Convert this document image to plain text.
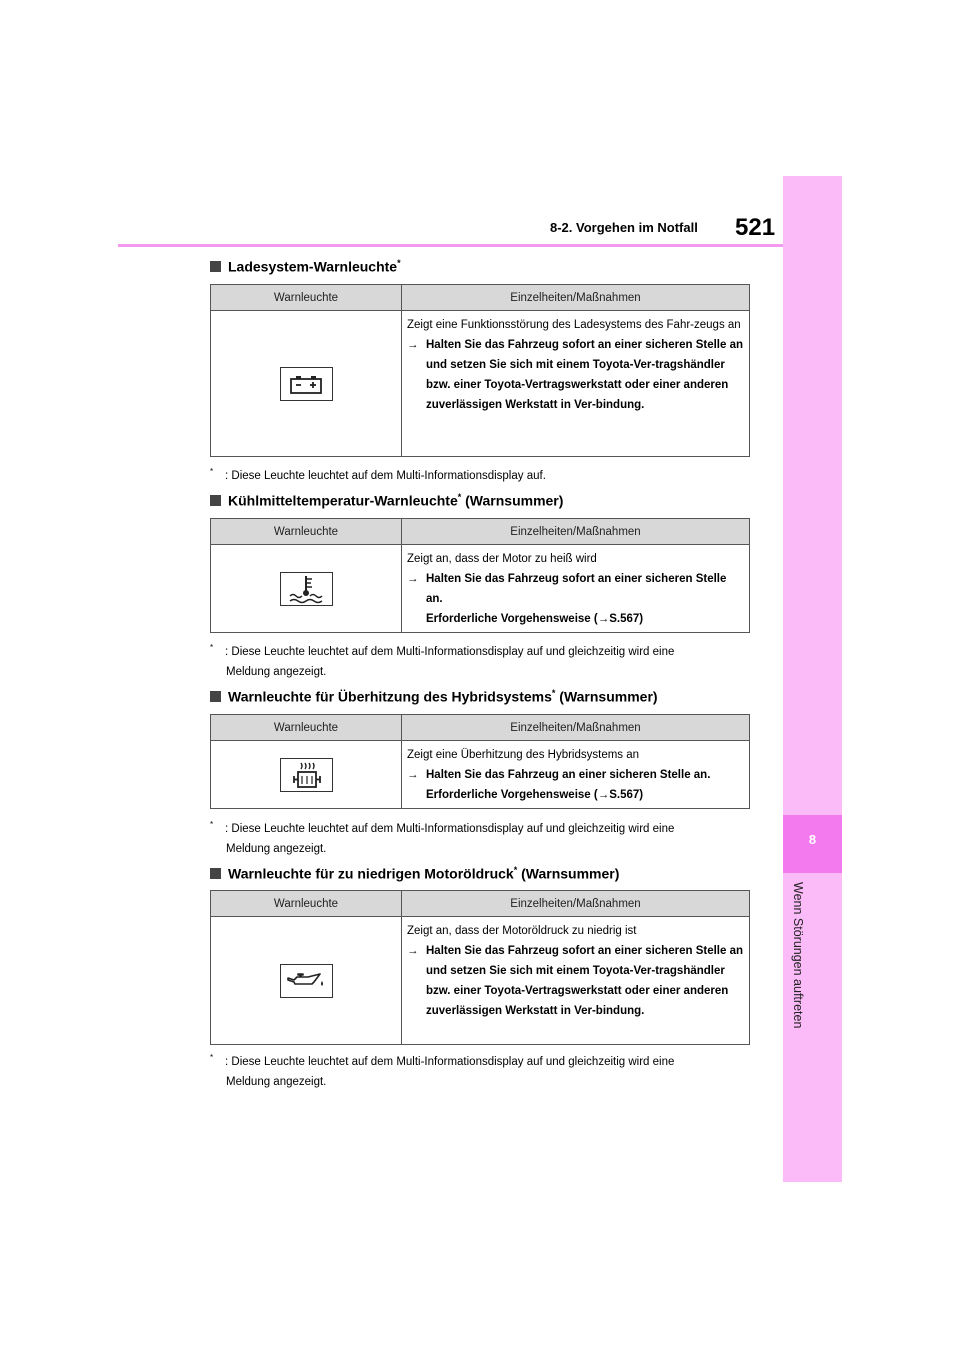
8
Wenn Störungen auftreten
8-2. Vorgehen im Notfall 521
Ladesystem-Warnleuchte*
Warnleuchte	Einzelheiten/Maßnahmen
Zeigt eine Funktionsstörung des Ladesystems des Fahr-zeugs an
→ Halten Sie das Fahrzeug sofort an einer sicheren Stelle an und setzen Sie sich mit einem Toyota-Ver-tragshändler bzw. einer Toyota-Vertragswerkstatt oder einer anderen zuverlässigen Werkstatt in Ver-bindung.
* : Diese Leuchte leuchtet auf dem Multi-Informationsdisplay auf.
Kühlmitteltemperatur-Warnleuchte* (Warnsummer)
Warnleuchte	Einzelheiten/Maßnahmen
Zeigt an, dass der Motor zu heiß wird
→ Halten Sie das Fahrzeug sofort an einer sicheren Stelle an.
Erforderliche Vorgehensweise (→S.567)
* : Diese Leuchte leuchtet auf dem Multi-Informationsdisplay auf und gleichzeitig wird eine
Meldung angezeigt.
Warnleuchte für Überhitzung des Hybridsystems* (Warnsummer)
Warnleuchte	Einzelheiten/Maßnahmen
Zeigt eine Überhitzung des Hybridsystems an
→ Halten Sie das Fahrzeug an einer sicheren Stelle an.
Erforderliche Vorgehensweise (→S.567)
* : Diese Leuchte leuchtet auf dem Multi-Informationsdisplay auf und gleichzeitig wird eine
Meldung angezeigt.
Warnleuchte für zu niedrigen Motoröldruck* (Warnsummer)
Warnleuchte	Einzelheiten/Maßnahmen
Zeigt an, dass der Motoröldruck zu niedrig ist
→ Halten Sie das Fahrzeug sofort an einer sicheren Stelle an und setzen Sie sich mit einem Toyota-Ver-tragshändler bzw. einer Toyota-Vertragswerkstatt oder einer anderen zuverlässigen Werkstatt in Ver-bindung.
* : Diese Leuchte leuchtet auf dem Multi-Informationsdisplay auf und gleichzeitig wird eine
Meldung angezeigt.
